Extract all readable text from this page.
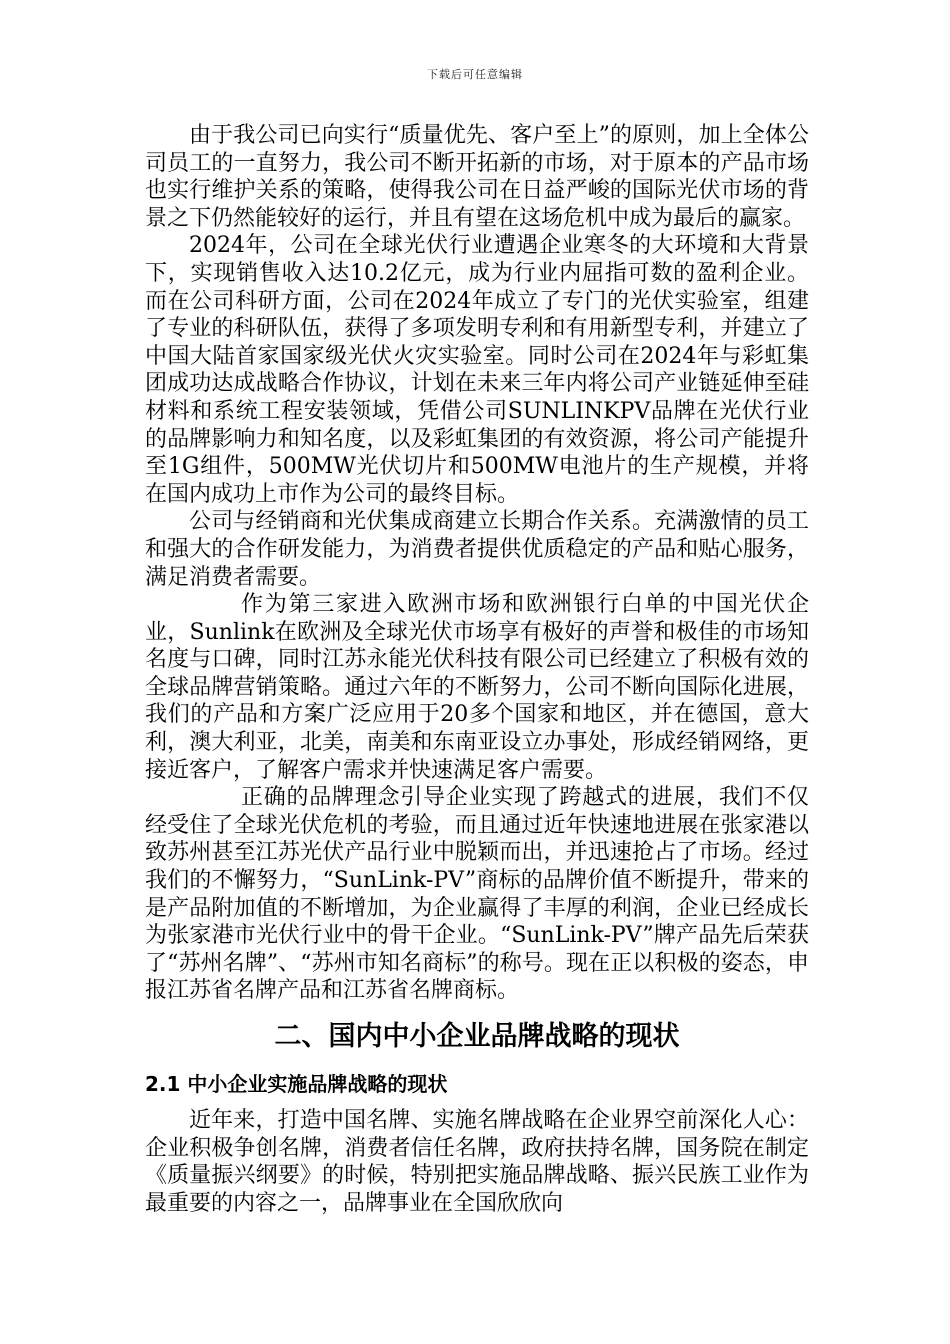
下载后可任意编辑

由于我公司已向实行“质量优先、客户至上”的原则，加上全体公司员工的一直努力，我公司不断开拓新的市场，对于原本的产品市场也实行维护关系的策略，使得我公司在日益严峻的国际光伏市场的背景之下仍然能较好的运行，并且有望在这场危机中成为最后的赢家。

2024年，公司在全球光伏行业遭遇企业寒冬的大环境和大背景下，实现销售收入达10.2亿元，成为行业内屈指可数的盈利企业。而在公司科研方面，公司在2024年成立了专门的光伏实验室，组建了专业的科研队伍，获得了多项发明专利和有用新型专利，并建立了中国大陆首家国家级光伏火灾实验室。同时公司在2024年与彩虹集团成功达成战略合作协议，计划在未来三年内将公司产业链延伸至硅材料和系统工程安装领域，凭借公司SUNLINKPV品牌在光伏行业的品牌影响力和知名度，以及彩虹集团的有效资源，将公司产能提升至1G组件，500MW光伏切片和500MW电池片的生产规模，并将在国内成功上市作为公司的最终目标。

公司与经销商和光伏集成商建立长期合作关系。充满激情的员工和强大的合作研发能力，为消费者提供优质稳定的产品和贴心服务，满足消费者需要。

作为第三家进入欧洲市场和欧洲银行白单的中国光伏企业，Sunlink在欧洲及全球光伏市场享有极好的声誉和极佳的市场知名度与口碑，同时江苏永能光伏科技有限公司已经建立了积极有效的全球品牌营销策略。通过六年的不断努力，公司不断向国际化进展，我们的产品和方案广泛应用于20多个国家和地区，并在德国，意大利，澳大利亚，北美，南美和东南亚设立办事处，形成经销网络，更接近客户，了解客户需求并快速满足客户需要。

正确的品牌理念引导企业实现了跨越式的进展，我们不仅经受住了全球光伏危机的考验，而且通过近年快速地进展在张家港以致苏州甚至江苏光伏产品行业中脱颖而出，并迅速抢占了市场。经过我们的不懈努力，“SunLink-PV”商标的品牌价值不断提升，带来的是产品附加值的不断增加，为企业赢得了丰厚的利润，企业已经成长为张家港市光伏行业中的骨干企业。“SunLink-PV”牌产品先后荣获了“苏州名牌”、“苏州市知名商标”的称号。现在正以积极的姿态，申报江苏省名牌产品和江苏省名牌商标。

二、国内中小企业品牌战略的现状
2.1 中小企业实施品牌战略的现状

近年来，打造中国名牌、实施名牌战略在企业界空前深化人心：企业积极争创名牌，消费者信任名牌，政府扶持名牌，国务院在制定《质量振兴纲要》的时候，特别把实施品牌战略、振兴民族工业作为最重要的内容之一，品牌事业在全国欣欣向
